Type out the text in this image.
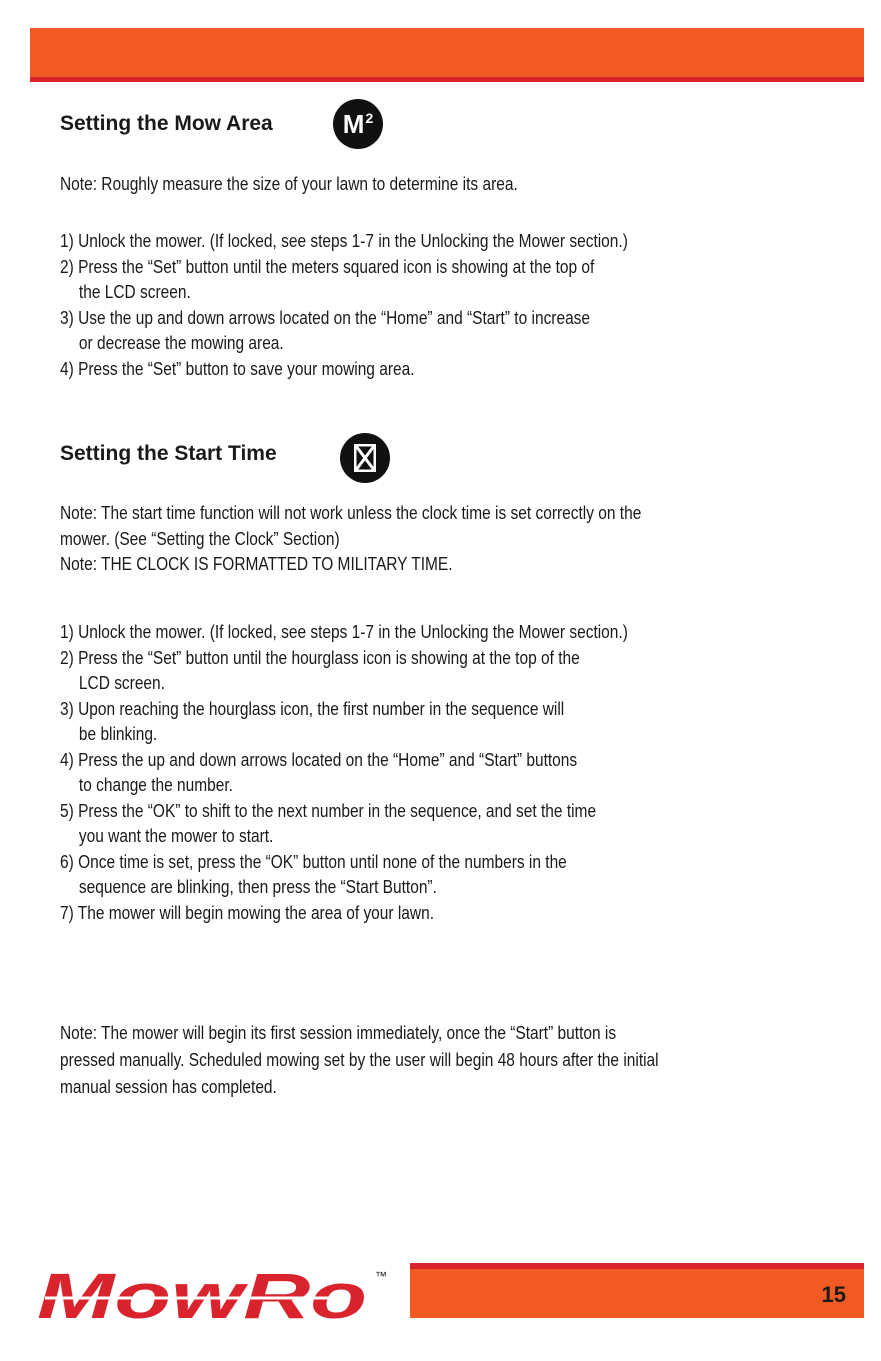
Setting the Mow Area	$M^2$

Note: Roughly measure the size of your lawn to determine its area.

1) Unlock the mower. (If locked, see steps 1-7 in the Unlocking the Mower section.)
2) Press the “Set” button until the meters squared icon is showing at the top of
the LCD screen.
3) Use the up and down arrows located on the “Home” and “Start” to increase
or decrease the mowing area.
4) Press the “Set” button to save your mowing area.
Setting the Start Time

Note: The start time function will not work unless the clock time is set correctly on the
mower. (See “Setting the Clock” Section)
Note: THE CLOCK IS FORMATTED TO MILITARY TIME.

1) Unlock the mower. (If locked, see steps 1-7 in the Unlocking the Mower section.)
2) Press the “Set” button until the hourglass icon is showing at the top of the
LCD screen.
3) Upon reaching the hourglass icon, the first number in the sequence will
be blinking.
4) Press the up and down arrows located on the “Home” and “Start” buttons
to change the number.
5) Press the “OK” to shift to the next number in the sequence, and set the time
you want the mower to start.
6) Once time is set, press the “OK” button until none of the numbers in the
sequence are blinking, then press the “Start Button”.
7) The mower will begin mowing the area of your lawn.

Note: The mower will begin its first session immediately, once the “Start” button is
pressed manually. Scheduled mowing set by the user will begin 48 hours after the initial
manual session has completed.

MowRo ™
15
